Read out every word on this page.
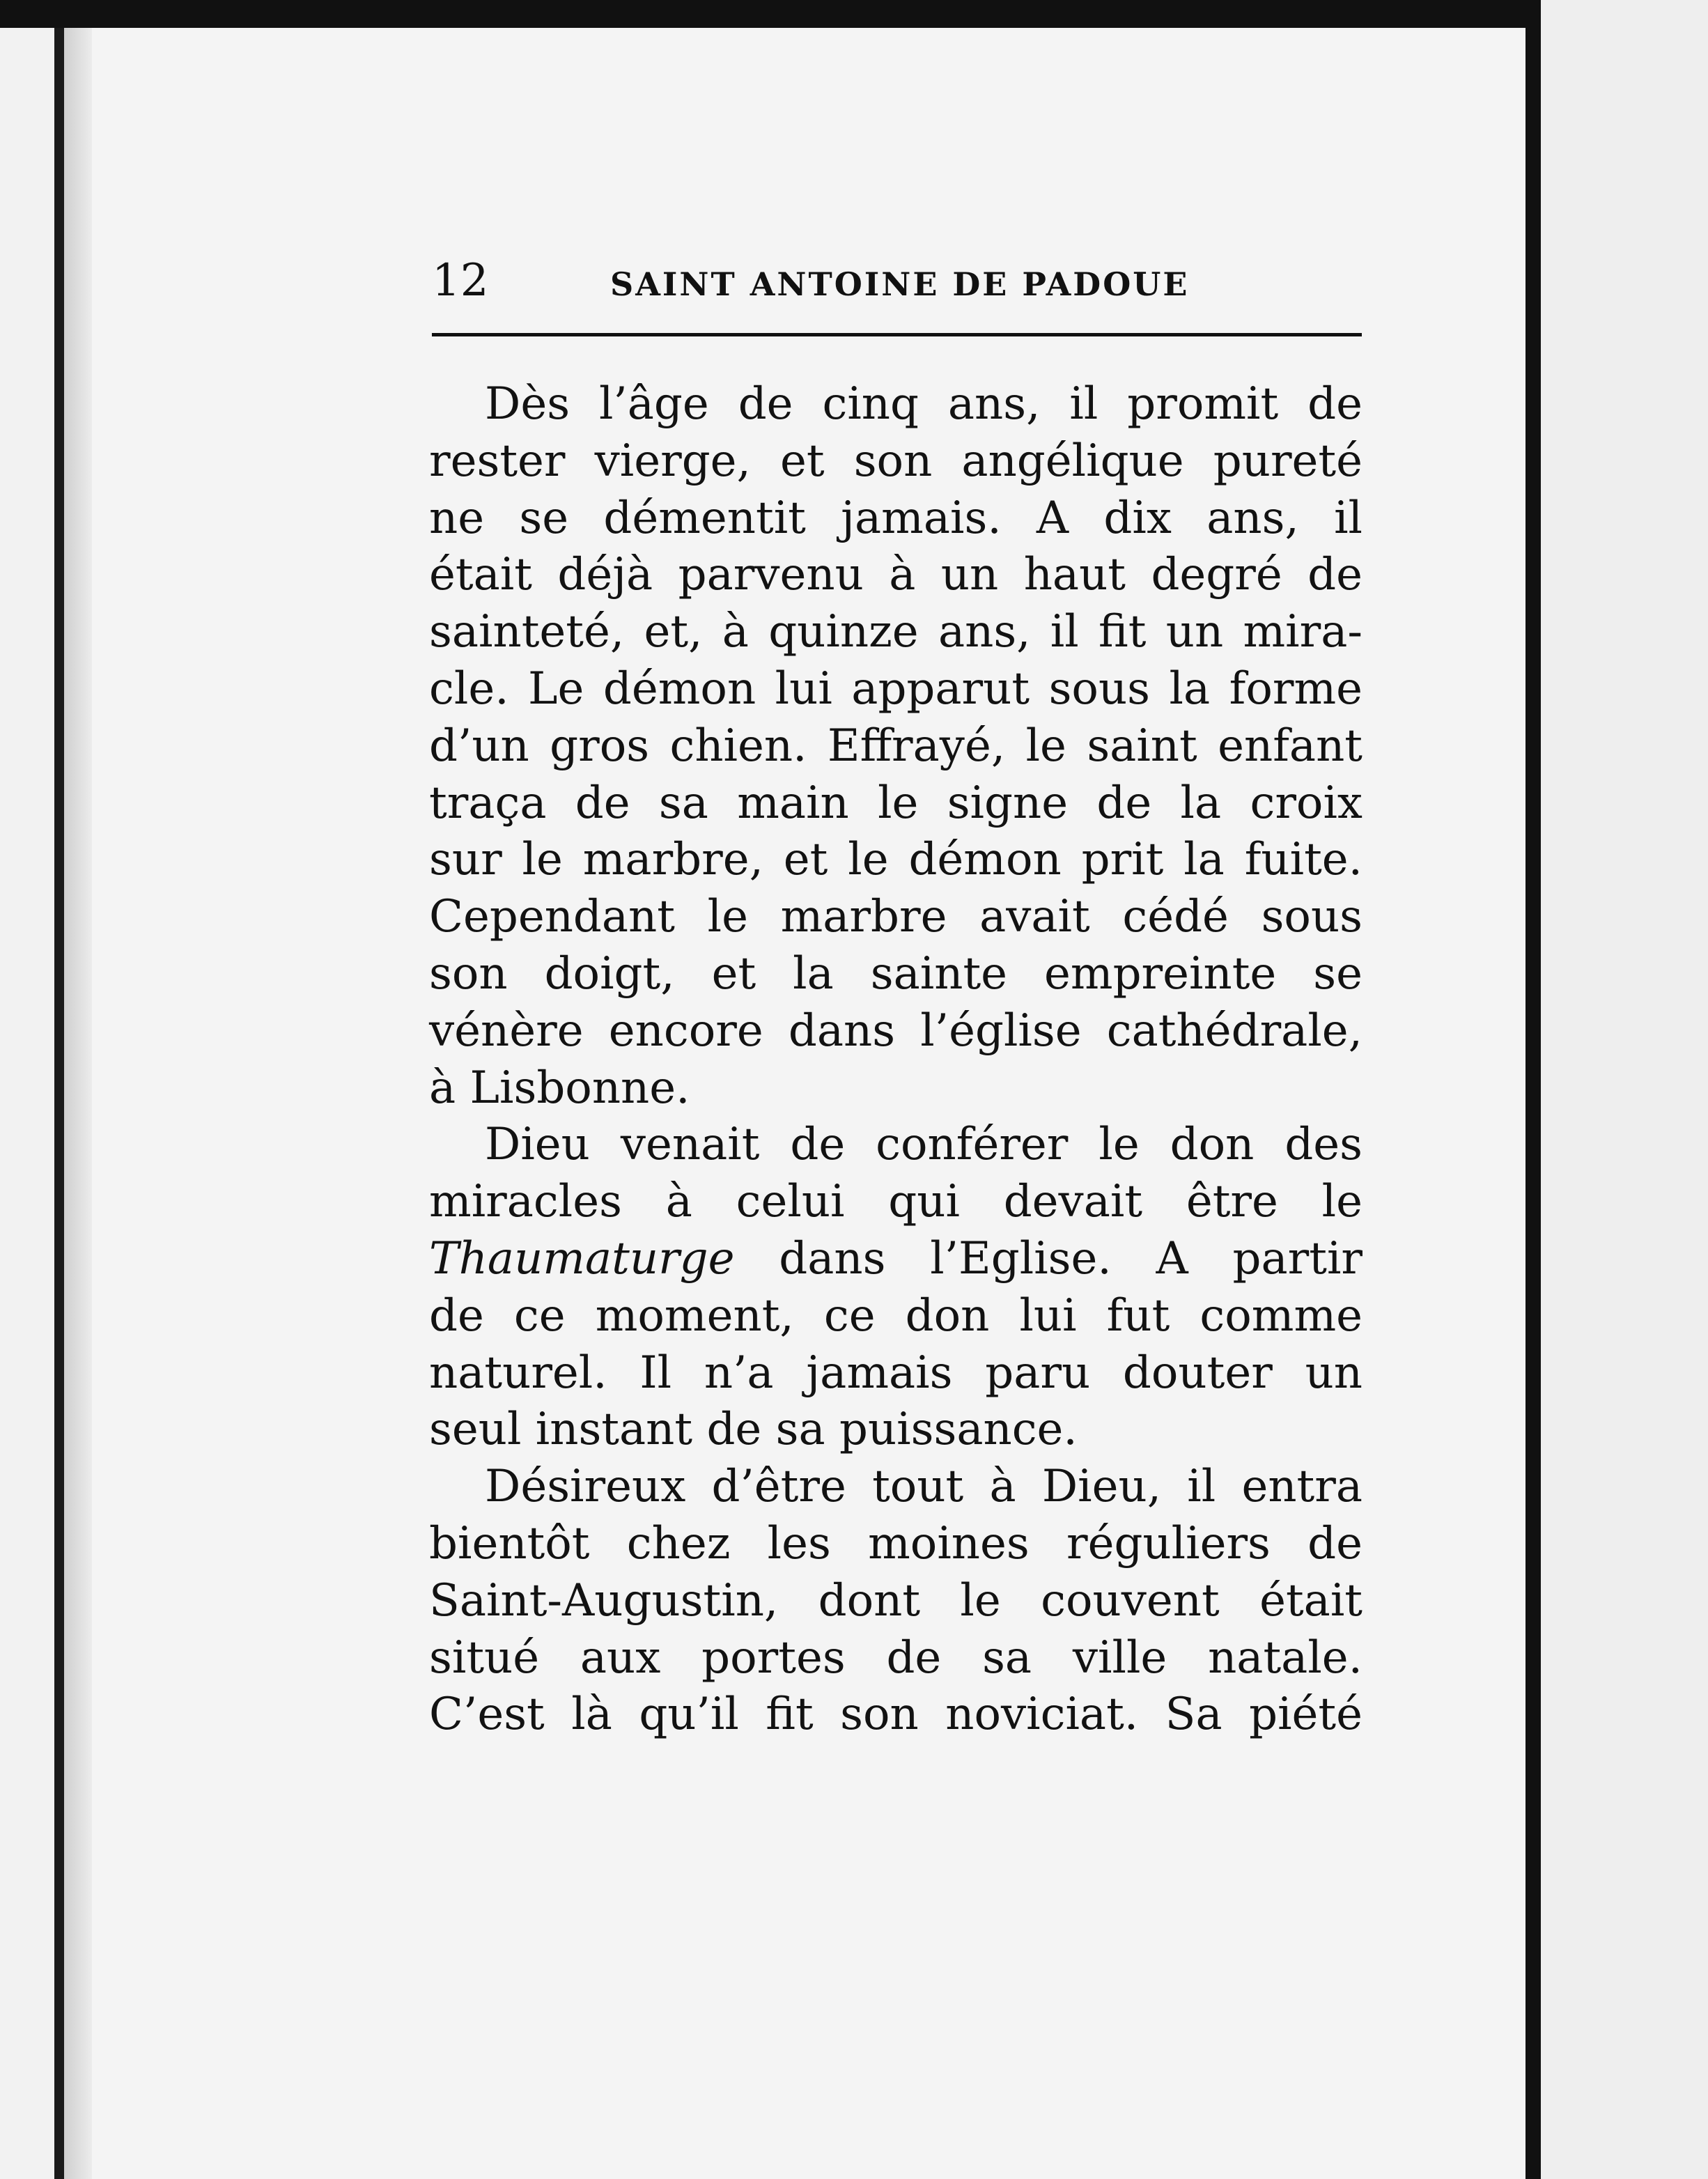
12	SAINT ANTOINE DE PADOUE
Dès l’âge de cinq ans, il promit de
rester vierge, et son angélique pureté
ne se démentit jamais. A dix ans, il
était déjà parvenu à un haut degré de
sainteté, et, à quinze ans, il fit un mira-
cle. Le démon lui apparut sous la forme
d’un gros chien. Effrayé, le saint enfant
traça de sa main le signe de la croix
sur le marbre, et le démon prit la fuite.
Cependant le marbre avait cédé sous
son doigt, et la sainte empreinte se
vénère encore dans l’église cathédrale,
à Lisbonne.
Dieu venait de conférer le don des
miracles à celui qui devait être le
Thaumaturge dans l’Eglise. A partir
de ce moment, ce don lui fut comme
naturel. Il n’a jamais paru douter un
seul instant de sa puissance.
Désireux d’être tout à Dieu, il entra
bientôt chez les moines réguliers de
Saint-Augustin, dont le couvent était
situé aux portes de sa ville natale.
C’est là qu’il fit son noviciat. Sa piété
